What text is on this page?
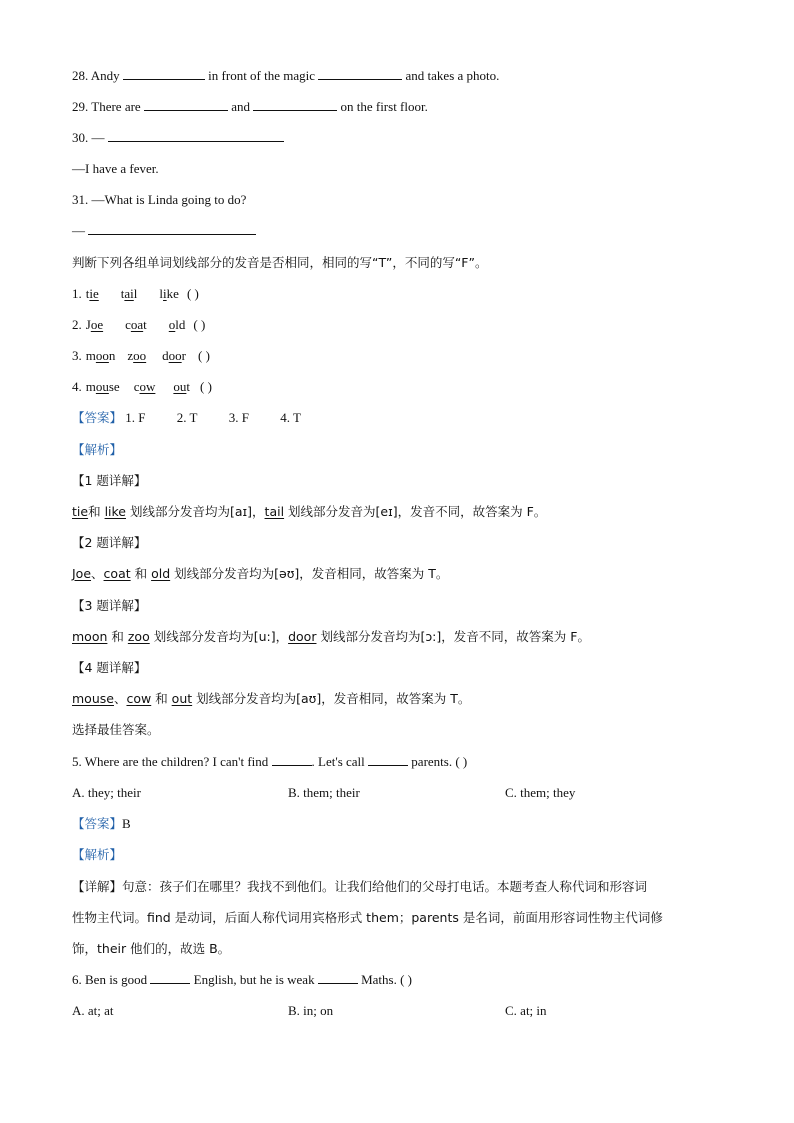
28. Andy	in front of the magic	and takes a photo.
29. There are	and	on the first floor.
30. —
—I have a fever.
31. —What is Linda going to do?
—
判断下列各组单词划线部分的发音是否相同，相同的写“T”，不同的写“F”。
1. tie tail like ( )
2. Joe coat old ( )
3. moon zoo door ( )
4. mouse cow out ( )
【答案】 1. F 2. T 3. F 4. T
【解析】
【1 题详解】
tie和 like 划线部分发音均为[aɪ]，tail 划线部分发音为[eɪ]，发音不同，故答案为 F。
【2 题详解】
Joe、coat 和 old 划线部分发音均为[əʊ]，发音相同，故答案为 T。
【3 题详解】
moon 和 zoo 划线部分发音均为[u:]，door 划线部分发音均为[ɔ:]，发音不同，故答案为 F。
【4 题详解】
mouse、cow 和 out 划线部分发音均为[aʊ]，发音相同，故答案为 T。
选择最佳答案。
5. Where are the children? I can't find	. Let's call	parents. ( )
A. they; their	B. them; their	C. them; they
【答案】B
【解析】
【详解】句意：孩子们在哪里？我找不到他们。让我们给他们的父母打电话。本题考查人称代词和形容词
性物主代词。find 是动词，后面人称代词用宾格形式 them；parents 是名词，前面用形容词性物主代词修
饰，their 他们的，故选 B。
6. Ben is good	English, but he is weak	Maths. ( )
A. at; at	B. in; on	C. at; in
